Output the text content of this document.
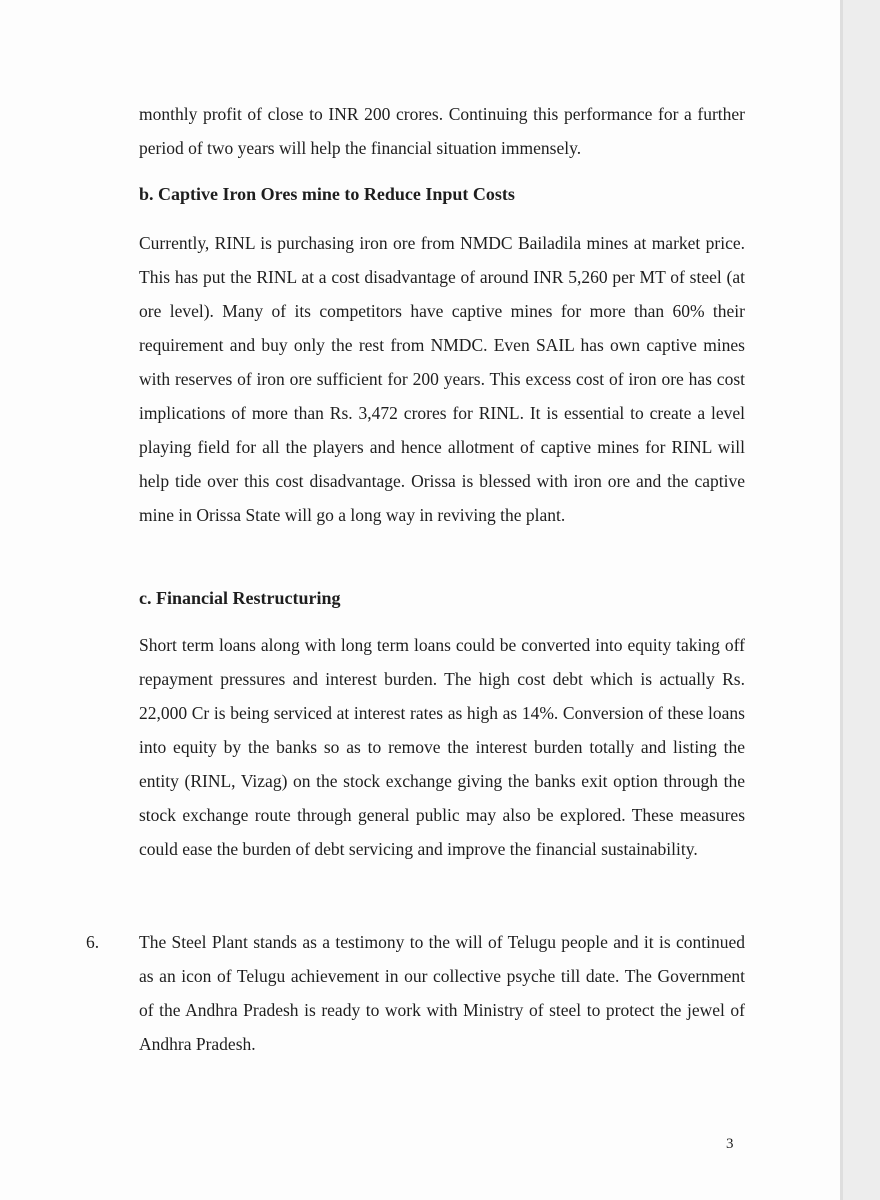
monthly profit of close to INR 200 crores. Continuing this performance for a further period of two years will help the financial situation immensely.

b. Captive Iron Ores mine to Reduce Input Costs

Currently, RINL is purchasing iron ore from NMDC Bailadila mines at market price. This has put the RINL at a cost disadvantage of around INR 5,260 per MT of steel (at ore level). Many of its competitors have captive mines for more than 60% their requirement and buy only the rest from NMDC. Even SAIL has own captive mines with reserves of iron ore sufficient for 200 years. This excess cost of iron ore has cost implications of more than Rs. 3,472 crores for RINL. It is essential to create a level playing field for all the players and hence allotment of captive mines for RINL will help tide over this cost disadvantage. Orissa is blessed with iron ore and the captive mine in Orissa State will go a long way in reviving the plant.

c. Financial Restructuring

Short term loans along with long term loans could be converted into equity taking off repayment pressures and interest burden. The high cost debt which is actually Rs. 22,000 Cr is being serviced at interest rates as high as 14%. Conversion of these loans into equity by the banks so as to remove the interest burden totally and listing the entity (RINL, Vizag) on the stock exchange giving the banks exit option through the stock exchange route through general public may also be explored. These measures could ease the burden of debt servicing and improve the financial sustainability.

6.	The Steel Plant stands as a testimony to the will of Telugu people and it is continued as an icon of Telugu achievement in our collective psyche till date. The Government of the Andhra Pradesh is ready to work with Ministry of steel to protect the jewel of Andhra Pradesh.

3
